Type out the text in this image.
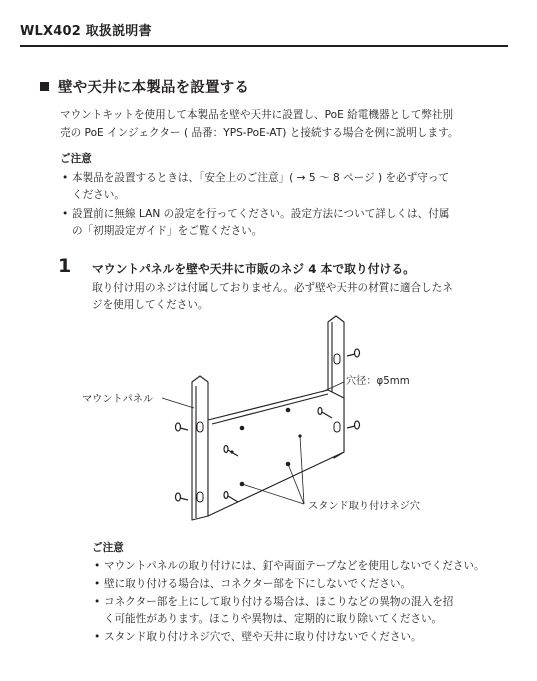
WLX402 取扱説明書
壁や天井に本製品を設置する
マウントキットを使用して本製品を壁や天井に設置し、PoE 給電機器として弊社別
売の PoE インジェクター ( 品番：YPS-PoE-AT) と接続する場合を例に説明します。
ご注意
• 本製品を設置するときは、「安全上のご注意」( → 5 ～ 8 ページ ) を必ず守って
ください。
• 設置前に無線 LAN の設定を行ってください。設定方法について詳しくは、付属
の「初期設定ガイド」をご覧ください。
1 マウントパネルを壁や天井に市販のネジ 4 本で取り付ける。
取り付け用のネジは付属しておりません。必ず壁や天井の材質に適合したネ
ジを使用してください。
マウントパネル
穴径：φ5mm
スタンド取り付けネジ穴
ご注意
• マウントパネルの取り付けには、釘や両面テープなどを使用しないでください。
• 壁に取り付ける場合は、コネクター部を下にしないでください。
• コネクター部を上にして取り付ける場合は、ほこりなどの異物の混入を招
く可能性があります。ほこりや異物は、定期的に取り除いてください。
• スタンド取り付けネジ穴で、壁や天井に取り付けないでください。
